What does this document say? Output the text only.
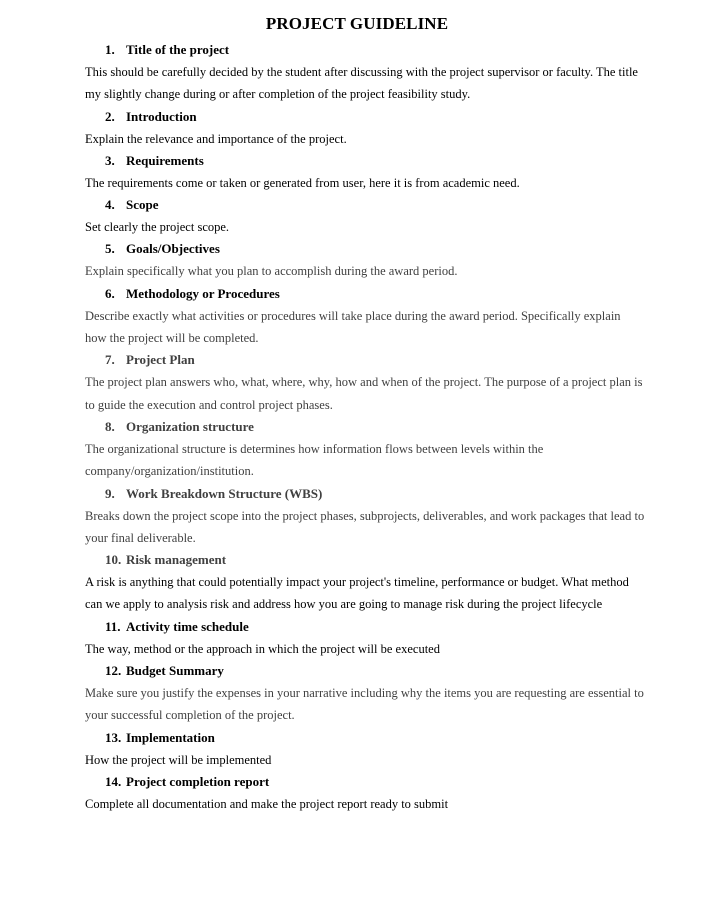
PROJECT GUIDELINE
1. Title of the project
This should be carefully decided by the student after discussing with the project supervisor or faculty. The title my slightly change during or after completion of the project feasibility study.
2. Introduction
Explain the relevance and importance of the project.
3. Requirements
The requirements come or taken or generated from user, here it is from academic need.
4. Scope
Set clearly the project scope.
5. Goals/Objectives
Explain specifically what you plan to accomplish during the award period.
6. Methodology or Procedures
Describe exactly what activities or procedures will take place during the award period. Specifically explain how the project will be completed.
7. Project Plan
The project plan answers who, what, where, why, how and when of the project. The purpose of a project plan is to guide the execution and control project phases.
8. Organization structure
The organizational structure is determines how information flows between levels within the company/organization/institution.
9. Work Breakdown Structure (WBS)
Breaks down the project scope into the project phases, subprojects, deliverables, and work packages that lead to your final deliverable.
10. Risk management
A risk is anything that could potentially impact your project's timeline, performance or budget. What method can we apply to analysis risk and address how you are going to manage risk during the project lifecycle
11. Activity time schedule
The way, method or the approach in which the project will be executed
12. Budget Summary
Make sure you justify the expenses in your narrative including why the items you are requesting are essential to your successful completion of the project.
13. Implementation
How the project will be implemented
14. Project completion report
Complete all documentation and make the project report ready to submit
